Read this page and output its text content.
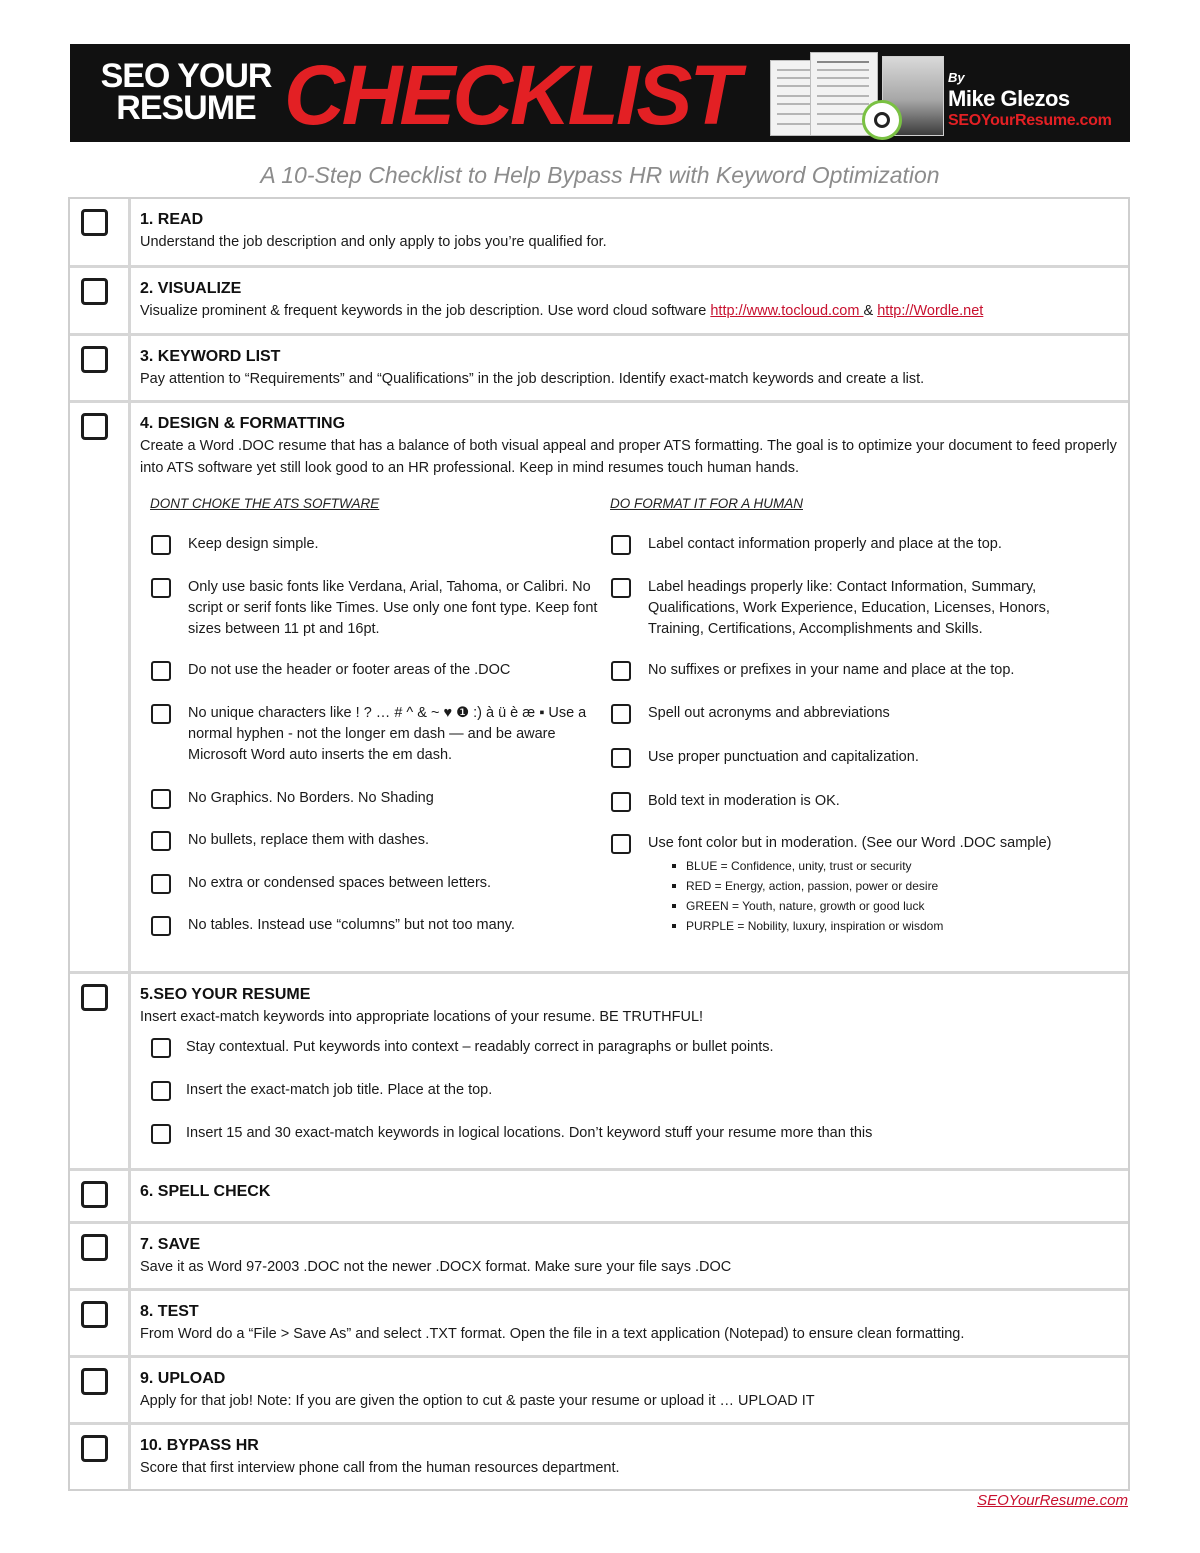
SEO YOUR
RESUME CHECKLIST	By
Mike Glezos
SEOYourResume.com
A 10-Step Checklist to Help Bypass HR with Keyword Optimization
1. READ
Understand the job description and only apply to jobs you’re qualified for.
2. VISUALIZE
Visualize prominent & frequent keywords in the job description. Use word cloud software http://www.tocloud.com & http://Wordle.net
3. KEYWORD LIST
Pay attention to “Requirements” and “Qualifications” in the job description. Identify exact-match keywords and create a list.
4. DESIGN & FORMATTING
Create a Word .DOC resume that has a balance of both visual appeal and proper ATS formatting. The goal is to optimize your document to feed properly into ATS software yet still look good to an HR professional. Keep in mind resumes touch human hands.
DONT CHOKE THE ATS SOFTWARE
Keep design simple.
Only use basic fonts like Verdana, Arial, Tahoma, or Calibri. No script or serif fonts like Times. Use only one font type. Keep font sizes between 11 pt and 16pt.
Do not use the header or footer areas of the .DOC
No unique characters like ! ? … # ^ & ~ ♥ ❶ :) à ü è æ ▪ Use a normal hyphen - not the longer em dash — and be aware Microsoft Word auto inserts the em dash.
No Graphics. No Borders. No Shading
No bullets, replace them with dashes.
No extra or condensed spaces between letters.
No tables. Instead use “columns” but not too many.
DO FORMAT IT FOR A HUMAN
Label contact information properly and place at the top.
Label headings properly like: Contact Information, Summary, Qualifications, Work Experience, Education, Licenses, Honors, Training, Certifications, Accomplishments and Skills.
No suffixes or prefixes in your name and place at the top.
Spell out acronyms and abbreviations
Use proper punctuation and capitalization.
Bold text in moderation is OK.
Use font color but in moderation. (See our Word .DOC sample)
BLUE = Confidence, unity, trust or security
RED = Energy, action, passion, power or desire
GREEN = Youth, nature, growth or good luck
PURPLE = Nobility, luxury, inspiration or wisdom
5.SEO YOUR RESUME
Insert exact-match keywords into appropriate locations of your resume. BE TRUTHFUL!
Stay contextual. Put keywords into context – readably correct in paragraphs or bullet points.
Insert the exact-match job title. Place at the top.
Insert 15 and 30 exact-match keywords in logical locations. Don’t keyword stuff your resume more than this
6. SPELL CHECK
7. SAVE
Save it as Word 97-2003 .DOC not the newer .DOCX format. Make sure your file says .DOC
8. TEST
From Word do a “File > Save As” and select .TXT format. Open the file in a text application (Notepad) to ensure clean formatting.
9. UPLOAD
Apply for that job! Note: If you are given the option to cut & paste your resume or upload it … UPLOAD IT
10. BYPASS HR
Score that first interview phone call from the human resources department.
SEOYourResume.com
